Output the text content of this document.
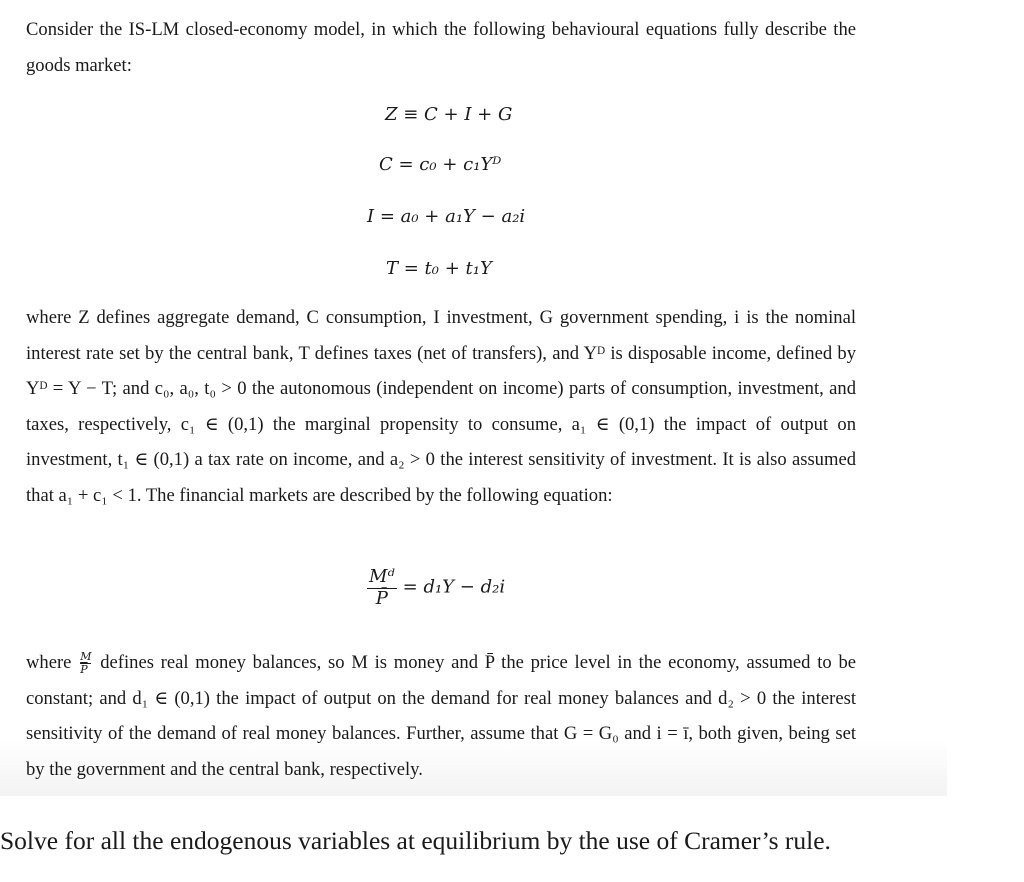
Consider the IS-LM closed-economy model, in which the following behavioural equations fully describe the goods market:

Z ≡ C + I + G
C = c₀ + c₁Yᴰ
I = a₀ + a₁Y − a₂i
T = t₀ + t₁Y

where Z defines aggregate demand, C consumption, I investment, G government spending, i is the nominal interest rate set by the central bank, T defines taxes (net of transfers), and Yᴰ is disposable income, defined by Yᴰ = Y − T; and c₀, a₀, t₀ > 0 the autonomous (independent on income) parts of consumption, investment, and taxes, respectively, c₁ ∈ (0,1) the marginal propensity to consume, a₁ ∈ (0,1) the impact of output on investment, t₁ ∈ (0,1) a tax rate on income, and a₂ > 0 the interest sensitivity of investment. It is also assumed that a₁ + c₁ < 1. The financial markets are described by the following equation:

$\frac{\text{Mᵈ}}{P̄} = d_1Y - d_2i$

where $\frac{M}{P}$ defines real money balances, so M is money and P̄ the price level in the economy, assumed to be constant; and d₁ ∈ (0,1) the impact of output on the demand for real money balances and d₂ > 0 the interest sensitivity of the demand of real money balances. Further, assume that G = G₀ and i = ī, both given, being set by the government and the central bank, respectively.

Solve for all the endogenous variables at equilibrium by the use of Cramer’s rule.
